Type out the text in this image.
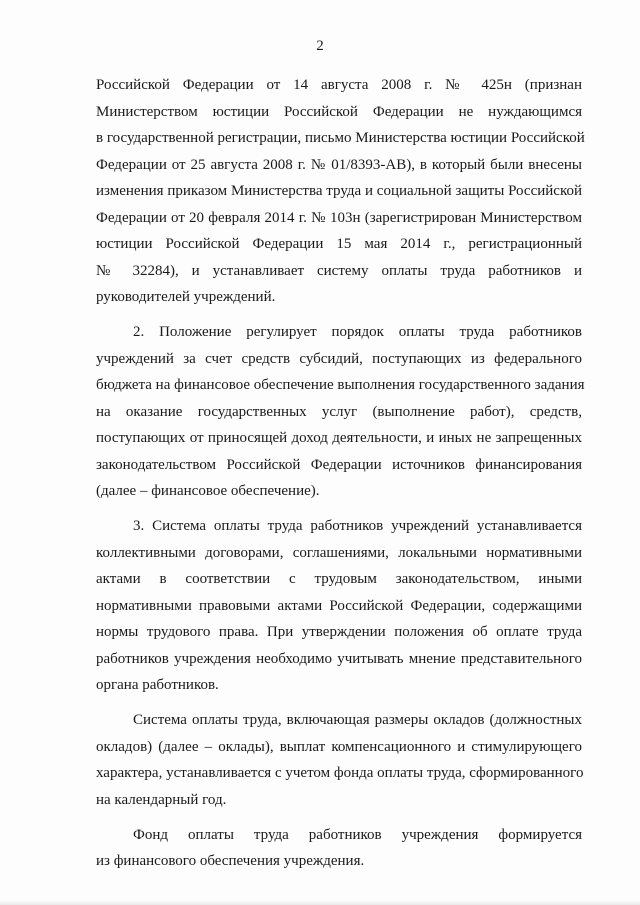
2

Российской Федерации от 14 августа 2008 г. № 425н (признан
Министерством юстиции Российской Федерации не нуждающимся
в государственной регистрации, письмо Министерства юстиции Российской
Федерации от 25 августа 2008 г. № 01/8393-АВ), в который были внесены
изменения приказом Министерства труда и социальной защиты Российской
Федерации от 20 февраля 2014 г. № 103н (зарегистрирован Министерством
юстиции Российской Федерации 15 мая 2014 г., регистрационный
№ 32284), и устанавливает систему оплаты труда работников и
руководителей учреждений.

2. Положение регулирует порядок оплаты труда работников
учреждений за счет средств субсидий, поступающих из федерального
бюджета на финансовое обеспечение выполнения государственного задания
на оказание государственных услуг (выполнение работ), средств,
поступающих от приносящей доход деятельности, и иных не запрещенных
законодательством Российской Федерации источников финансирования
(далее – финансовое обеспечение).

3. Система оплаты труда работников учреждений устанавливается
коллективными договорами, соглашениями, локальными нормативными
актами в соответствии с трудовым законодательством, иными
нормативными правовыми актами Российской Федерации, содержащими
нормы трудового права. При утверждении положения об оплате труда
работников учреждения необходимо учитывать мнение представительного
органа работников.

Система оплаты труда, включающая размеры окладов (должностных
окладов) (далее – оклады), выплат компенсационного и стимулирующего
характера, устанавливается с учетом фонда оплаты труда, сформированного
на календарный год.

Фонд оплаты труда работников учреждения формируется
из финансового обеспечения учреждения.
